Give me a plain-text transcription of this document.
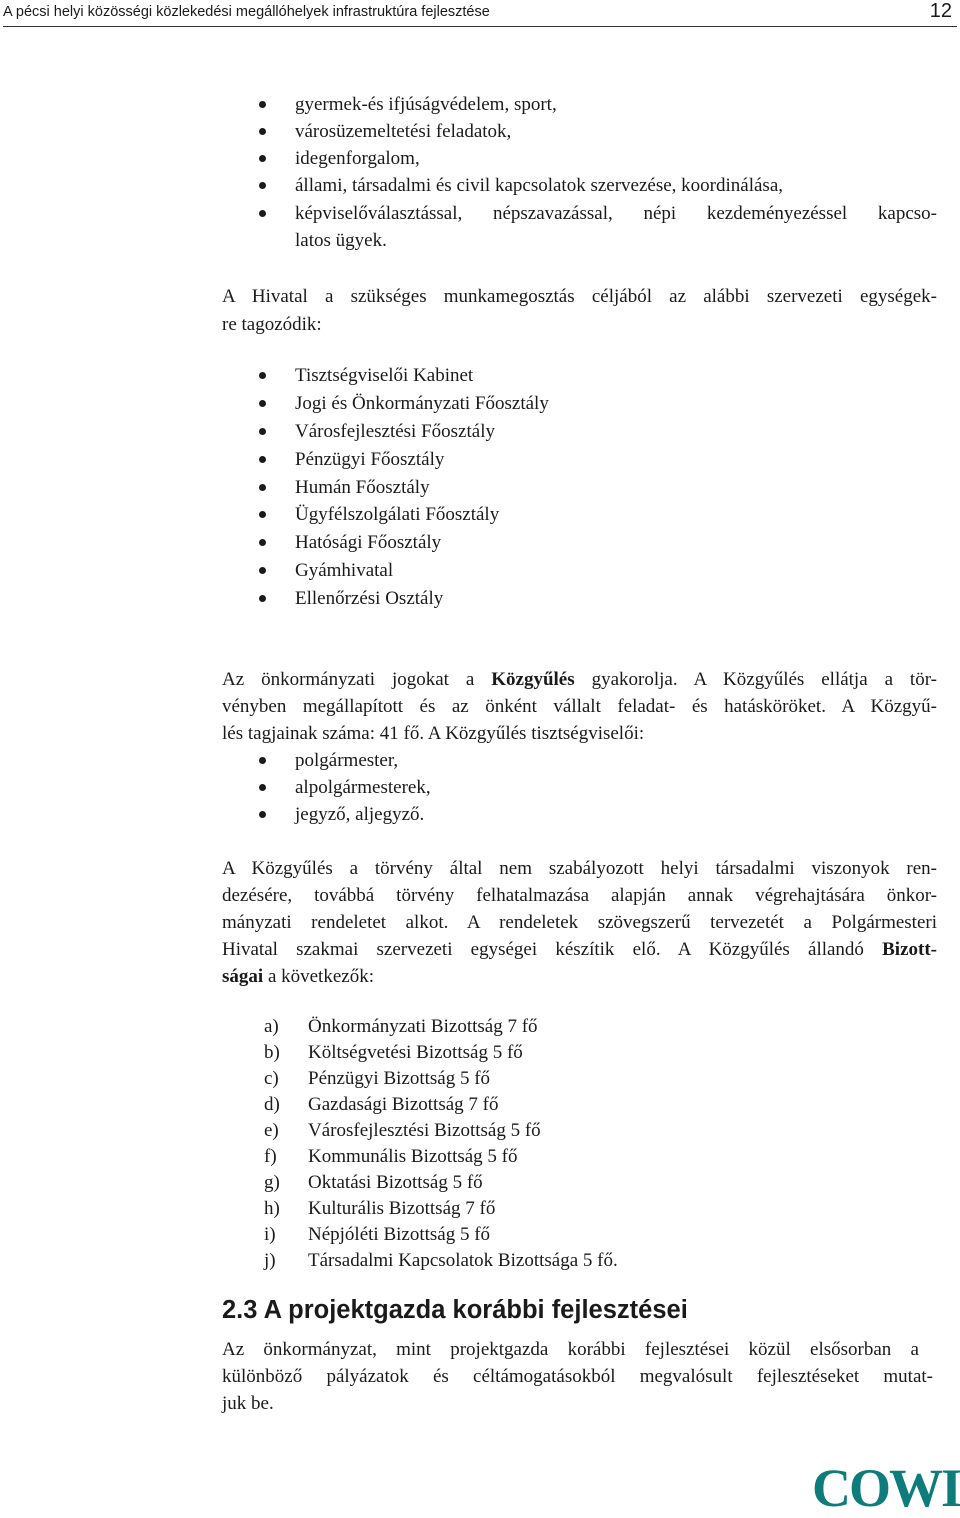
A pécsi helyi közösségi közlekedési megállóhelyek infrastruktúra fejlesztése	12
gyermek-és ifjúságvédelem, sport,
városüzemeltetési feladatok,
idegenforgalom,
állami, társadalmi és civil kapcsolatok szervezése, koordinálása,
képviselőválasztással, népszavazással, népi kezdeményezéssel kapcso-
latos ügyek.
A Hivatal a szükséges munkamegosztás céljából az alábbi szervezeti egységek-
re tagozódik:
Tisztségviselői Kabinet
Jogi és Önkormányzati Főosztály
Városfejlesztési Főosztály
Pénzügyi Főosztály
Humán Főosztály
Ügyfélszolgálati Főosztály
Hatósági Főosztály
Gyámhivatal
Ellenőrzési Osztály
Az önkormányzati jogokat a Közgyűlés gyakorolja. A Közgyűlés ellátja a tör-
vényben megállapított és az önként vállalt feladat- és hatásköröket. A Közgyű-
lés tagjainak száma: 41 fő. A Közgyűlés tisztségviselői:
polgármester,
alpolgármesterek,
jegyző, aljegyző.
A Közgyűlés a törvény által nem szabályozott helyi társadalmi viszonyok ren-
dezésére, továbbá törvény felhatalmazása alapján annak végrehajtására önkor-
mányzati rendeletet alkot. A rendeletek szövegszerű tervezetét a Polgármesteri
Hivatal szakmai szervezeti egységei készítik elő. A Közgyűlés állandó Bizott-
ságai a következők:
a) Önkormányzati Bizottság 7 fő
b) Költségvetési Bizottság 5 fő
c) Pénzügyi Bizottság 5 fő
d) Gazdasági Bizottság 7 fő
e) Városfejlesztési Bizottság 5 fő
f) Kommunális Bizottság 5 fő
g) Oktatási Bizottság 5 fő
h) Kulturális Bizottság 7 fő
i) Népjóléti Bizottság 5 fő
j) Társadalmi Kapcsolatok Bizottsága 5 fő.
2.3 A projektgazda korábbi fejlesztései
Az önkormányzat, mint projektgazda korábbi fejlesztései közül elsősorban a
különböző pályázatok és céltámogatásokból megvalósult fejlesztéseket mutat-
juk be.
COWI
